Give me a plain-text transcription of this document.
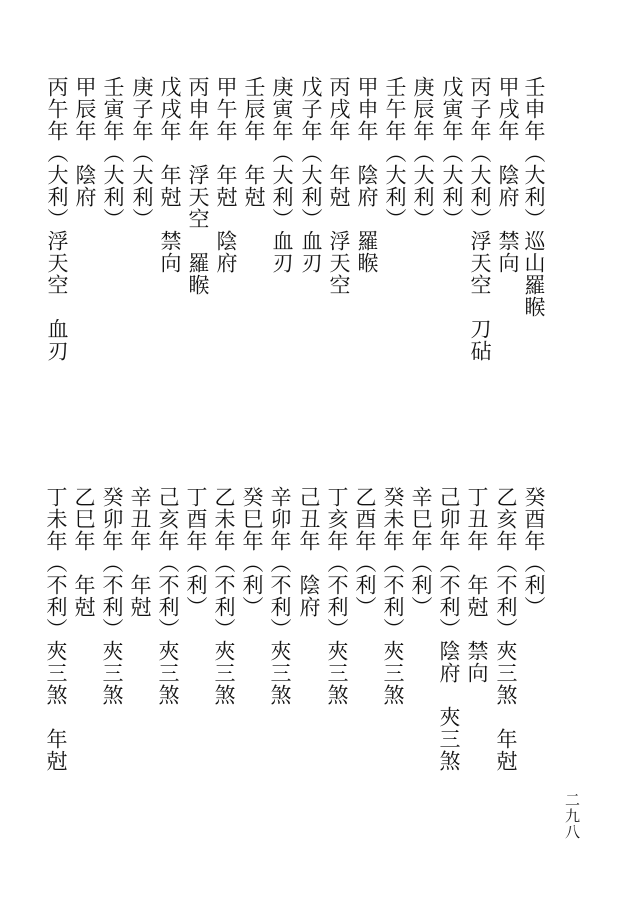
壬申年（大利）巡山羅睺
甲戌年　陰府　禁向
丙子年（大利）浮天空　刀砧
戊寅年（大利）
庚辰年（大利）
壬午年（大利）
甲申年　陰府　羅睺
丙戌年　年尅　浮天空
戊子年（大利）血刃
庚寅年（大利）血刃
壬辰年　年尅
甲午年　年尅　陰府
丙申年　浮天空　羅睺
戊戌年　年尅　禁向
庚子年（大利）
壬寅年（大利）
甲辰年　陰府
丙午年（大利）浮天空　血刃
癸酉年（利）
乙亥年（不利）夾三煞　年尅
丁丑年　年尅　禁向
己卯年（不利）陰府　夾三煞
辛巳年（利）
癸未年（不利）夾三煞
乙酉年（利）
丁亥年（不利）夾三煞
己丑年　陰府
辛卯年（不利）夾三煞
癸巳年（利）
乙未年（不利）夾三煞
丁酉年（利）
己亥年（不利）夾三煞
辛丑年　年尅
癸卯年（不利）夾三煞
乙巳年　年尅
丁未年（不利）夾三煞　年尅
二九八
